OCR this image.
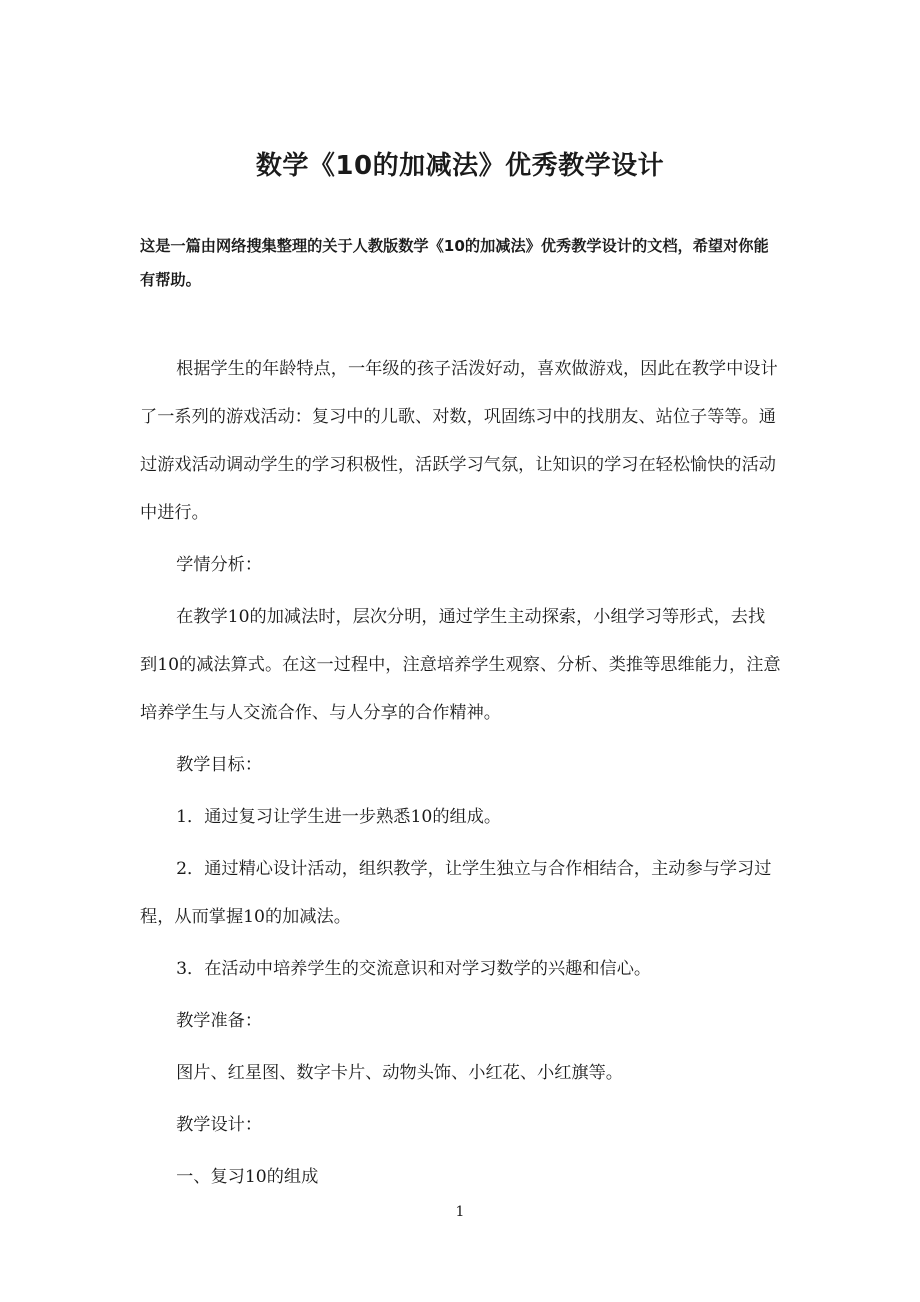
数学《10的加减法》优秀教学设计

这是一篇由网络搜集整理的关于人教版数学《10的加减法》优秀教学设计的文档，希望对你能有帮助。

根据学生的年龄特点，一年级的孩子活泼好动，喜欢做游戏，因此在教学中设计了一系列的游戏活动：复习中的儿歌、对数，巩固练习中的找朋友、站位子等等。通过游戏活动调动学生的学习积极性，活跃学习气氛，让知识的学习在轻松愉快的活动中进行。

学情分析：

在教学10的加减法时，层次分明，通过学生主动探索，小组学习等形式，去找到10的减法算式。在这一过程中，注意培养学生观察、分析、类推等思维能力，注意培养学生与人交流合作、与人分享的合作精神。

教学目标：

1．通过复习让学生进一步熟悉10的组成。

2．通过精心设计活动，组织教学，让学生独立与合作相结合，主动参与学习过程，从而掌握10的加减法。

3．在活动中培养学生的交流意识和对学习数学的兴趣和信心。

教学准备：

图片、红星图、数字卡片、动物头饰、小红花、小红旗等。

教学设计：

一、复习10的组成

1
